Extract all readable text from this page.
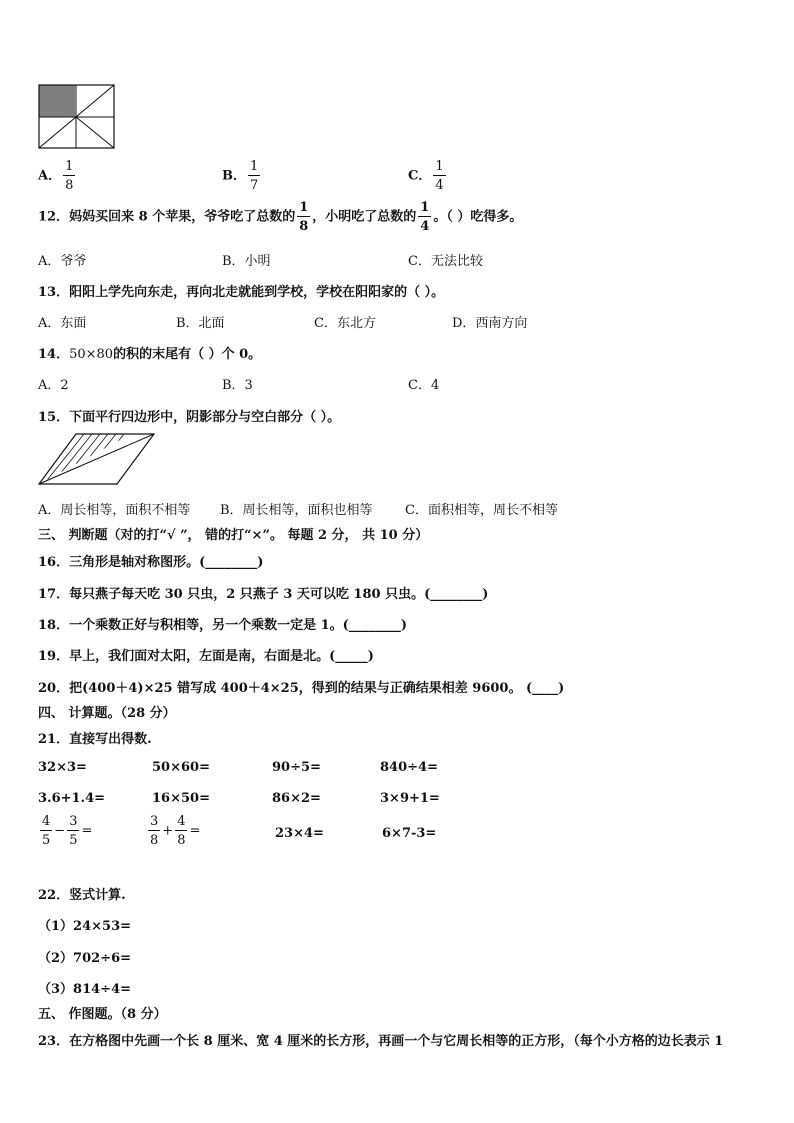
A． $\frac{1}{8}$	B． $\frac{1}{7}$	C． $\frac{1}{4}$
12．妈妈买回来 8 个苹果，爷爷吃了总数的 $\frac{1}{8}$ ，小明吃了总数的 $\frac{1}{4}$ 。（ ）吃得多。
A．爷爷	B．小明	C．无法比较
13．阳阳上学先向东走，再向北走就能到学校，学校在阳阳家的（ ）。
A．东面	B．北面	C．东北方	D．西南方向
14．50×80的积的末尾有（ ）个 0。
A．2	B．3	C．4
15．下面平行四边形中，阴影部分与空白部分（ ）。
A．周长相等，面积不相等 B．周长相等，面积也相等 C．面积相等，周长不相等
三、 判断题（对的打“√ ”， 错的打“×”。 每题 2 分， 共 10 分）
16．三角形是轴对称图形。(________)
17．每只燕子每天吃 30 只虫，2 只燕子 3 天可以吃 180 只虫。(________)
18．一个乘数正好与积相等，另一个乘数一定是 1。(________)
19．早上，我们面对太阳，左面是南，右面是北。(_____)
20．把(400＋4)×25 错写成 400＋4×25，得到的结果与正确结果相差 9600。 (____)
四、 计算题。（28 分）
21．直接写出得数.
32×3=	50×60=	90÷5=	840÷4=
3.6+1.4=	16×50=	86×2=	3×9+1=
$\frac{4}{5} - \frac{3}{5}$ =	$\frac{3}{8} + \frac{4}{8}$ =	23×4=	6×7-3=
22．竖式计算.
（1）24×53=
（2）702÷6=
（3）814÷4=
五、 作图题。（8 分）
23．在方格图中先画一个长 8 厘米、宽 4 厘米的长方形，再画一个与它周长相等的正方形，（每个小方格的边长表示 1
